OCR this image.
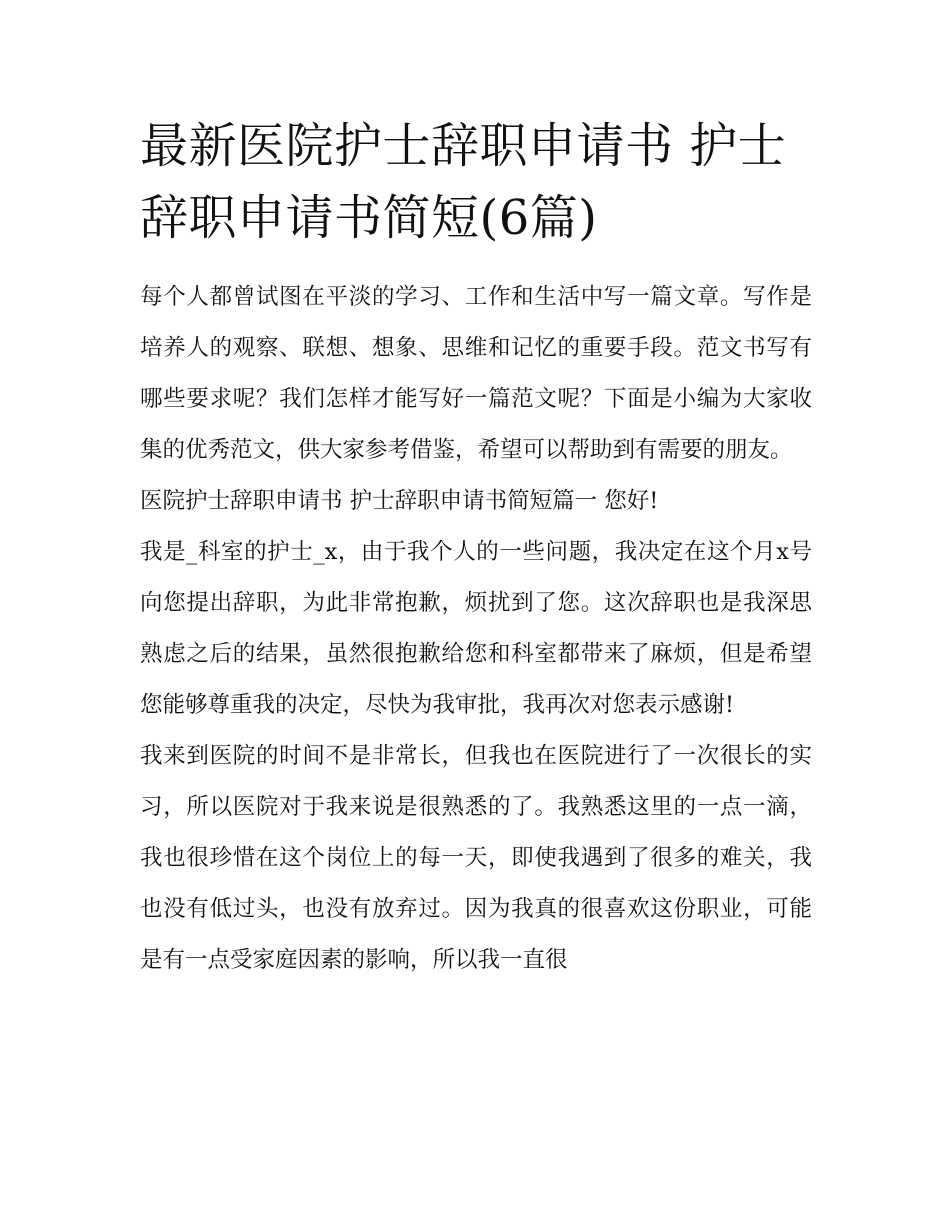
最新医院护士辞职申请书 护士辞职申请书简短(6篇)

每个人都曾试图在平淡的学习、工作和生活中写一篇文章。写作是培养人的观察、联想、想象、思维和记忆的重要手段。范文书写有哪些要求呢？我们怎样才能写好一篇范文呢？下面是小编为大家收集的优秀范文，供大家参考借鉴，希望可以帮助到有需要的朋友。

医院护士辞职申请书 护士辞职申请书简短篇一 您好!

我是_科室的护士_x，由于我个人的一些问题，我决定在这个月x号向您提出辞职，为此非常抱歉，烦扰到了您。这次辞职也是我深思熟虑之后的结果，虽然很抱歉给您和科室都带来了麻烦，但是希望您能够尊重我的决定，尽快为我审批，我再次对您表示感谢!

我来到医院的时间不是非常长，但我也在医院进行了一次很长的实习，所以医院对于我来说是很熟悉的了。我熟悉这里的一点一滴，我也很珍惜在这个岗位上的每一天，即使我遇到了很多的难关，我也没有低过头，也没有放弃过。因为我真的很喜欢这份职业，可能是有一点受家庭因素的影响，所以我一直很
